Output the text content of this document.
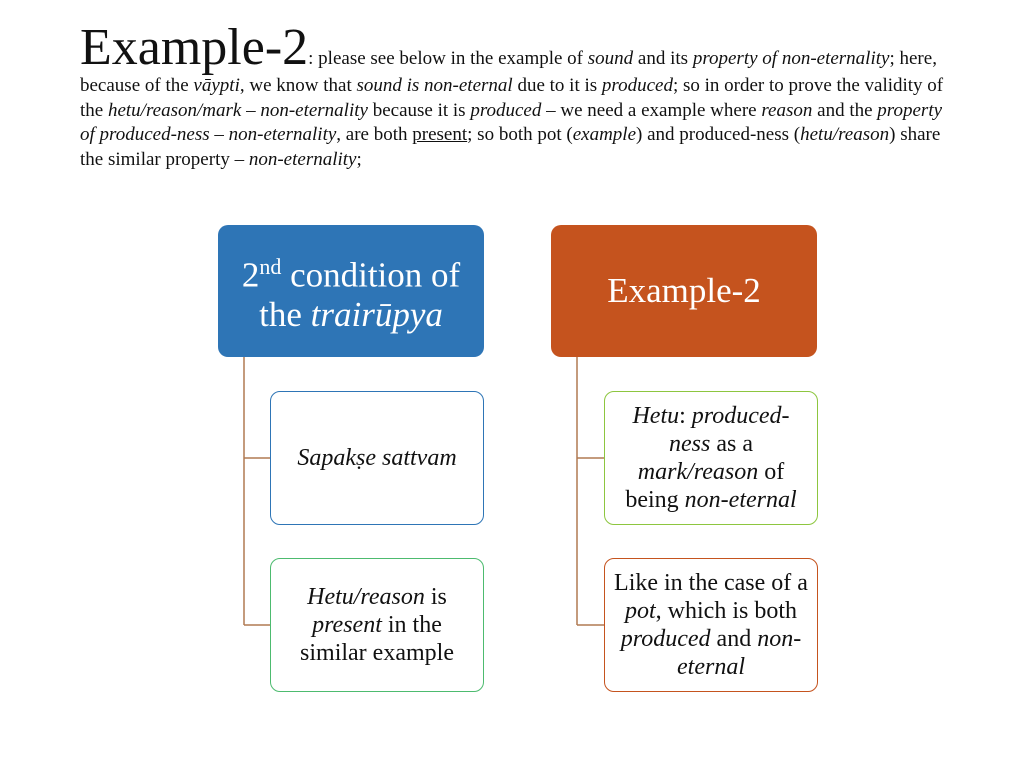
Example-2: please see below in the example of sound and its property of non-eternality; here, because of the vāypti, we know that sound is non-eternal due to it is produced; so in order to prove the validity of the hetu/reason/mark – non-eternality because it is produced – we need a example where reason and the property of produced-ness – non-eternality, are both present; so both pot (example) and produced-ness (hetu/reason) share the similar property – non-eternality;
2nd condition of
the trairūpya
Example-2
Sapakṣe sattvam
Hetu/reason is present in the similar example
Hetu: produced-ness as a mark/reason of being non-eternal
Like in the case of a pot, which is both produced and non-eternal
